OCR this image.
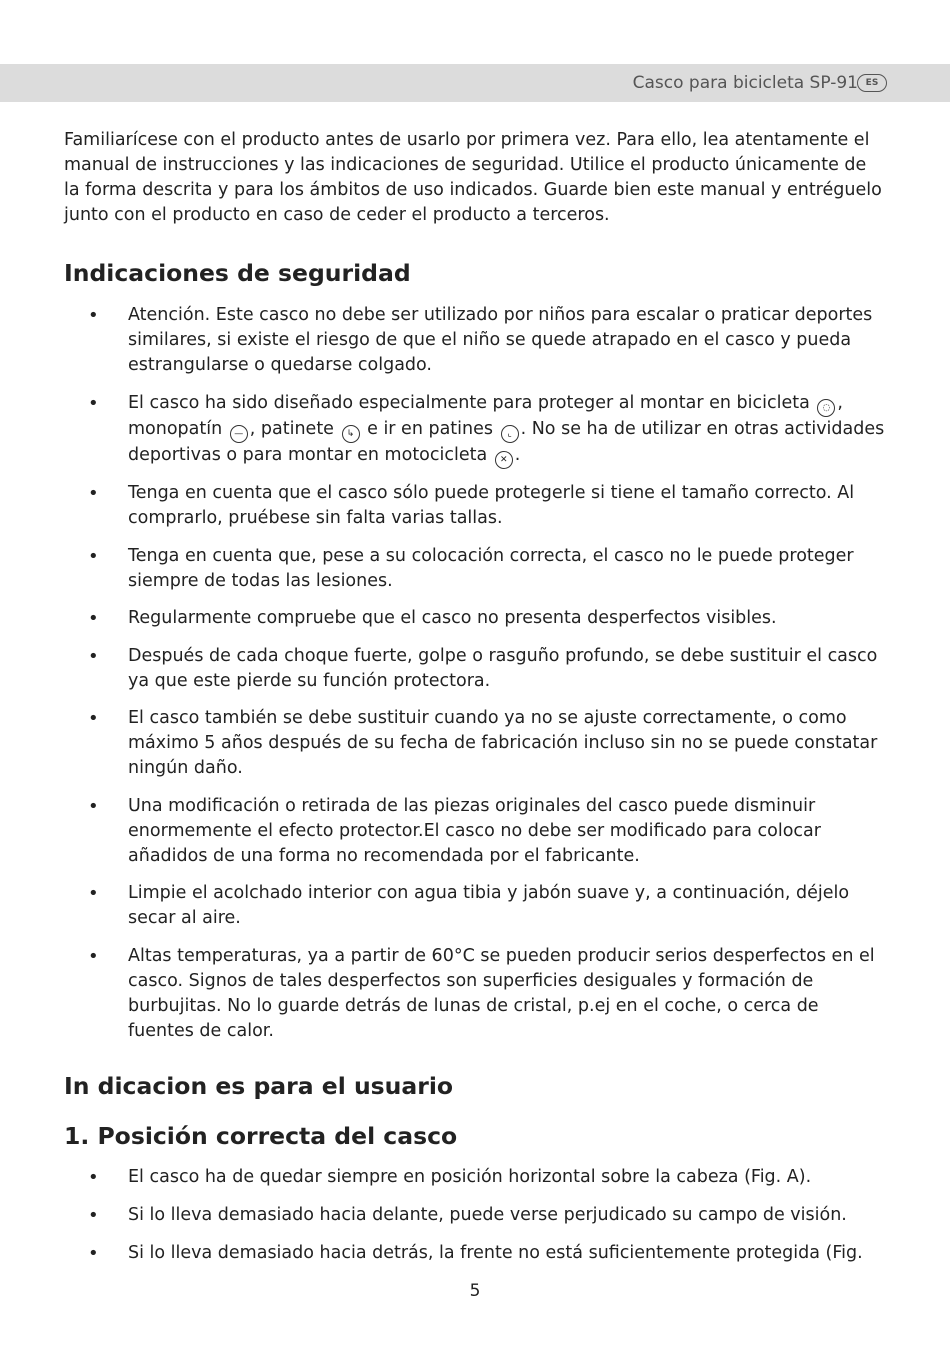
Casco para bicicleta SP-91 ES

Familiarícese con el producto antes de usarlo por primera vez. Para ello, lea atentamente el manual de instrucciones y las indicaciones de seguridad. Utilice el producto únicamente de la forma descrita y para los ámbitos de uso indicados. Guarde bien este manual y entréguelo junto con el producto en caso de ceder el producto a terceros.

Indicaciones de seguridad
• Atención. Este casco no debe ser utilizado por niños para escalar o praticar deportes similares, si existe el riesgo de que el niño se quede atrapado en el casco y pueda estrangularse o quedarse colgado.
• El casco ha sido diseñado especialmente para proteger al montar en bicicleta ◌ , monopatín — , patinete ↳ e ir en patines ⌞ . No se ha de utilizar en otras actividades deportivas o para montar en motocicleta ✕ .
• Tenga en cuenta que el casco sólo puede protegerle si tiene el tamaño correcto. Al comprarlo, pruébese sin falta varias tallas.
• Tenga en cuenta que, pese a su colocación correcta, el casco no le puede proteger siempre de todas las lesiones.
• Regularmente compruebe que el casco no presenta desperfectos visibles.
• Después de cada choque fuerte, golpe o rasguño profundo, se debe sustituir el casco ya que este pierde su función protectora.
• El casco también se debe sustituir cuando ya no se ajuste correctamente, o como máximo 5 años después de su fecha de fabricación incluso sin no se puede constatar ningún daño.
• Una modificación o retirada de las piezas originales del casco puede disminuir enormemente el efecto protector.El casco no debe ser modificado para colocar añadidos de una forma no recomendada por el fabricante.
• Limpie el acolchado interior con agua tibia y jabón suave y, a continuación, déjelo secar al aire.
• Altas temperaturas, ya a partir de 60°C se pueden producir serios desperfectos en el casco. Signos de tales desperfectos son superficies desiguales y formación de burbujitas. No lo guarde detrás de lunas de cristal, p.ej en el coche, o cerca de fuentes de calor.
In dicacion es para el usuario
1. Posición correcta del casco
• El casco ha de quedar siempre en posición horizontal sobre la cabeza (Fig. A).
• Si lo lleva demasiado hacia delante, puede verse perjudicado su campo de visión.
• Si lo lleva demasiado hacia detrás, la frente no está suficientemente protegida (Fig.
5
